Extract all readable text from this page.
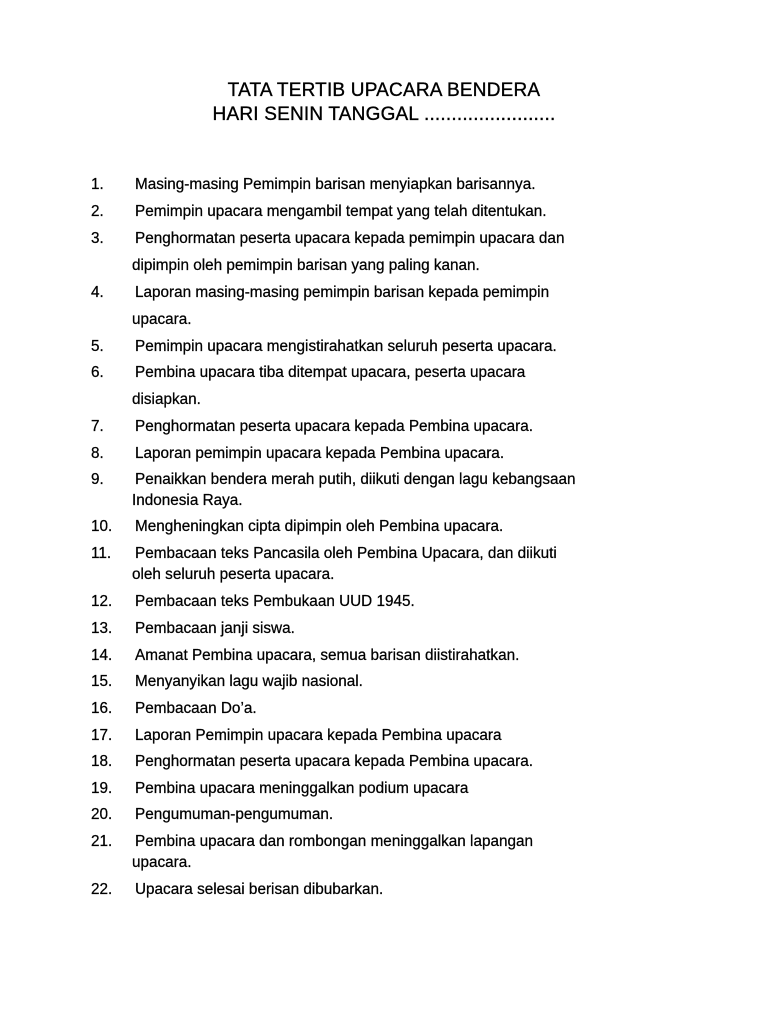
TATA TERTIB UPACARA BENDERA
HARI SENIN TANGGAL ........................
1. Masing-masing Pemimpin barisan menyiapkan barisannya.
2. Pemimpin upacara mengambil tempat yang telah ditentukan.
3. Penghormatan peserta upacara kepada pemimpin upacara dan
dipimpin oleh pemimpin barisan yang paling kanan.
4. Laporan masing-masing pemimpin barisan kepada pemimpin
upacara.
5. Pemimpin upacara mengistirahatkan seluruh peserta upacara.
6. Pembina upacara tiba ditempat upacara, peserta upacara
disiapkan.
7. Penghormatan peserta upacara kepada Pembina upacara.
8. Laporan pemimpin upacara kepada Pembina upacara.
9. Penaikkan bendera merah putih, diikuti dengan lagu kebangsaan
Indonesia Raya.
10. Mengheningkan cipta dipimpin oleh Pembina upacara.
11. Pembacaan teks Pancasila oleh Pembina Upacara, dan diikuti
oleh seluruh peserta upacara.
12. Pembacaan teks Pembukaan UUD 1945.
13. Pembacaan janji siswa.
14. Amanat Pembina upacara, semua barisan diistirahatkan.
15. Menyanyikan lagu wajib nasional.
16. Pembacaan Do’a.
17. Laporan Pemimpin upacara kepada Pembina upacara
18. Penghormatan peserta upacara kepada Pembina upacara.
19. Pembina upacara meninggalkan podium upacara
20. Pengumuman-pengumuman.
21. Pembina upacara dan rombongan meninggalkan lapangan
upacara.
22. Upacara selesai berisan dibubarkan.
